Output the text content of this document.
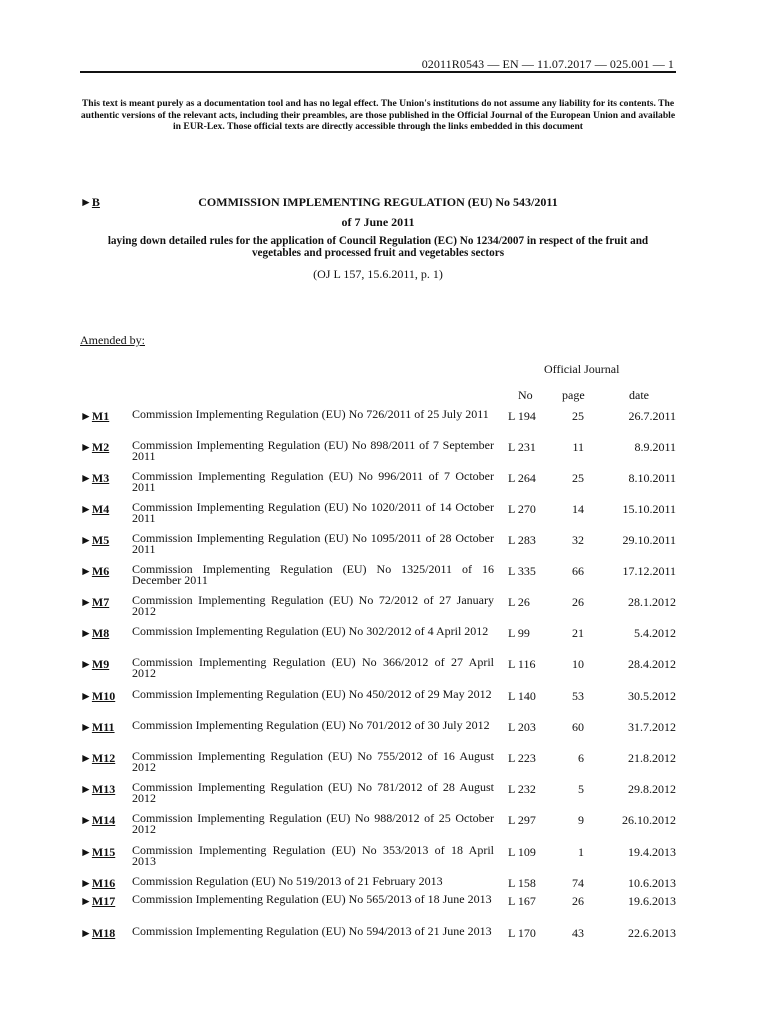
02011R0543 — EN — 11.07.2017 — 025.001 — 1
This text is meant purely as a documentation tool and has no legal effect. The Union's institutions do not assume any liability for its contents. The authentic versions of the relevant acts, including their preambles, are those published in the Official Journal of the European Union and available in EUR-Lex. Those official texts are directly accessible through the links embedded in this document
►B	COMMISSION IMPLEMENTING REGULATION (EU) No 543/2011
of 7 June 2011
laying down detailed rules for the application of Council Regulation (EC) No 1234/2007 in respect of the fruit and vegetables and processed fruit and vegetables sectors
(OJ L 157, 15.6.2011, p. 1)
Amended by:
Official Journal
No page	date
►M1 Commission Implementing Regulation (EU) No 726/2011 of 25 July 2011	L 194	25	26.7.2011
►M2 Commission Implementing Regulation (EU) No 898/2011 of 7 September 2011
L 231	11	8.9.2011
►M3 Commission Implementing Regulation (EU) No 996/2011 of 7 October 2011
L 264	25	8.10.2011
►M4 Commission Implementing Regulation (EU) No 1020/2011 of 14 October 2011
L 270	14	15.10.2011
►M5 Commission Implementing Regulation (EU) No 1095/2011 of 28 October 2011
L 283	32	29.10.2011
►M6 Commission Implementing Regulation (EU) No 1325/2011 of 16 December 2011
L 335	66	17.12.2011
►M7 Commission Implementing Regulation (EU) No 72/2012 of 27 January 2012
L 26	26	28.1.2012
►M8 Commission Implementing Regulation (EU) No 302/2012 of 4 April 2012	L 99	21	5.4.2012
►M9 Commission Implementing Regulation (EU) No 366/2012 of 27 April 2012
L 116	10	28.4.2012
►M10 Commission Implementing Regulation (EU) No 450/2012 of 29 May 2012 L 140	53	30.5.2012
►M11 Commission Implementing Regulation (EU) No 701/2012 of 30 July 2012	L 203	60	31.7.2012
►M12 Commission Implementing Regulation (EU) No 755/2012 of 16 August 2012
L 223	6	21.8.2012
►M13 Commission Implementing Regulation (EU) No 781/2012 of 28 August 2012
L 232	5	29.8.2012
►M14 Commission Implementing Regulation (EU) No 988/2012 of 25 October 2012
L 297	9	26.10.2012
►M15 Commission Implementing Regulation (EU) No 353/2013 of 18 April 2013
L 109	1	19.4.2013
►M16 Commission Regulation (EU) No 519/2013 of 21 February 2013	L 158	74	10.6.2013
►M17 Commission Implementing Regulation (EU) No 565/2013 of 18 June 2013 L 167	26	19.6.2013
►M18 Commission Implementing Regulation (EU) No 594/2013 of 21 June 2013 L 170	43	22.6.2013
